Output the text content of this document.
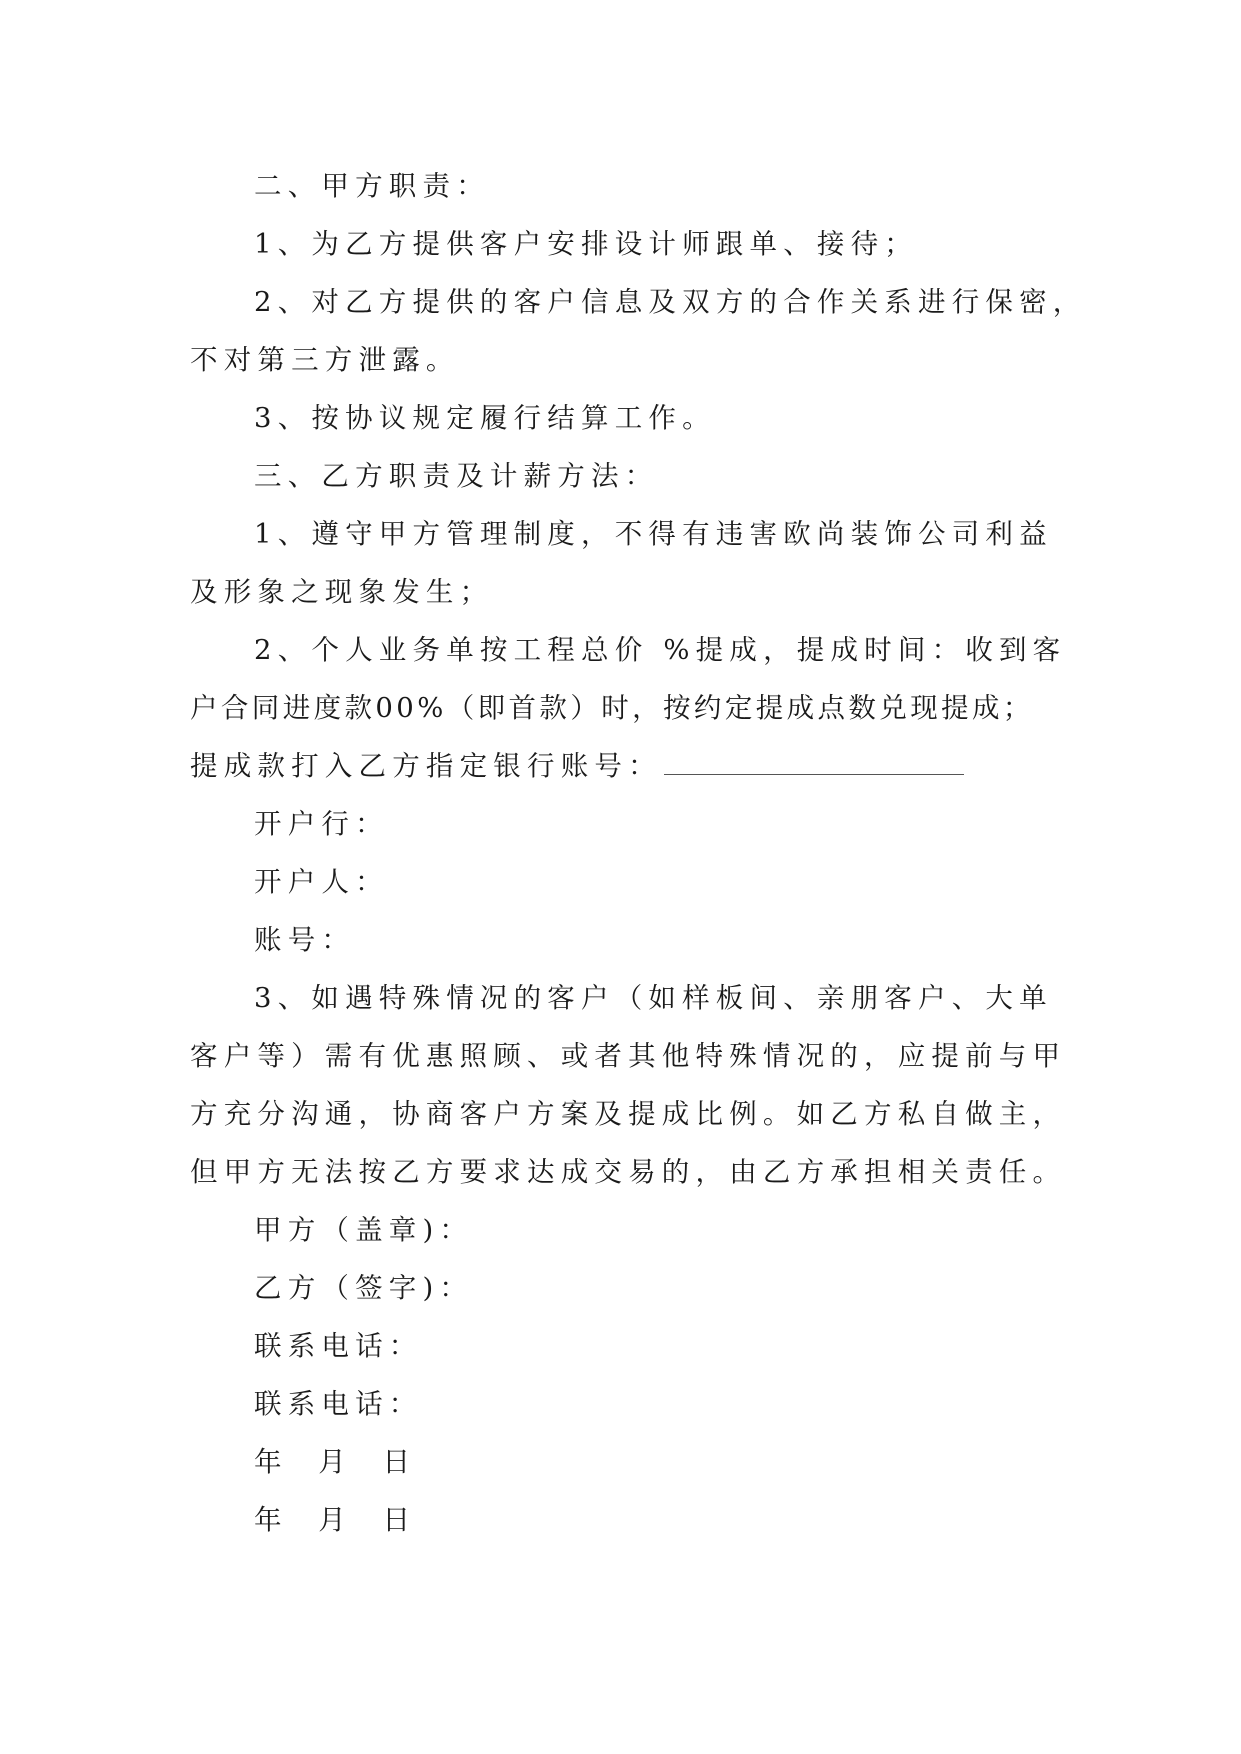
二、甲方职责：
1、为乙方提供客户安排设计师跟单、接待；
2、对乙方提供的客户信息及双方的合作关系进行保密，
不对第三方泄露。
3、按协议规定履行结算工作。
三、乙方职责及计薪方法：
1、遵守甲方管理制度，不得有违害欧尚装饰公司利益
及形象之现象发生；
2、个人业务单按工程总价 %提成，提成时间：收到客
户合同进度款00%（即首款）时，按约定提成点数兑现提成；
提成款打入乙方指定银行账号：
开户行：
开户人：
账号：
3、如遇特殊情况的客户（如样板间、亲朋客户、大单
客户等）需有优惠照顾、或者其他特殊情况的，应提前与甲
方充分沟通，协商客户方案及提成比例。如乙方私自做主，
但甲方无法按乙方要求达成交易的，由乙方承担相关责任。
甲方（盖章)：
乙方（签字)：
联系电话：
联系电话：
年 月 日
年 月 日
